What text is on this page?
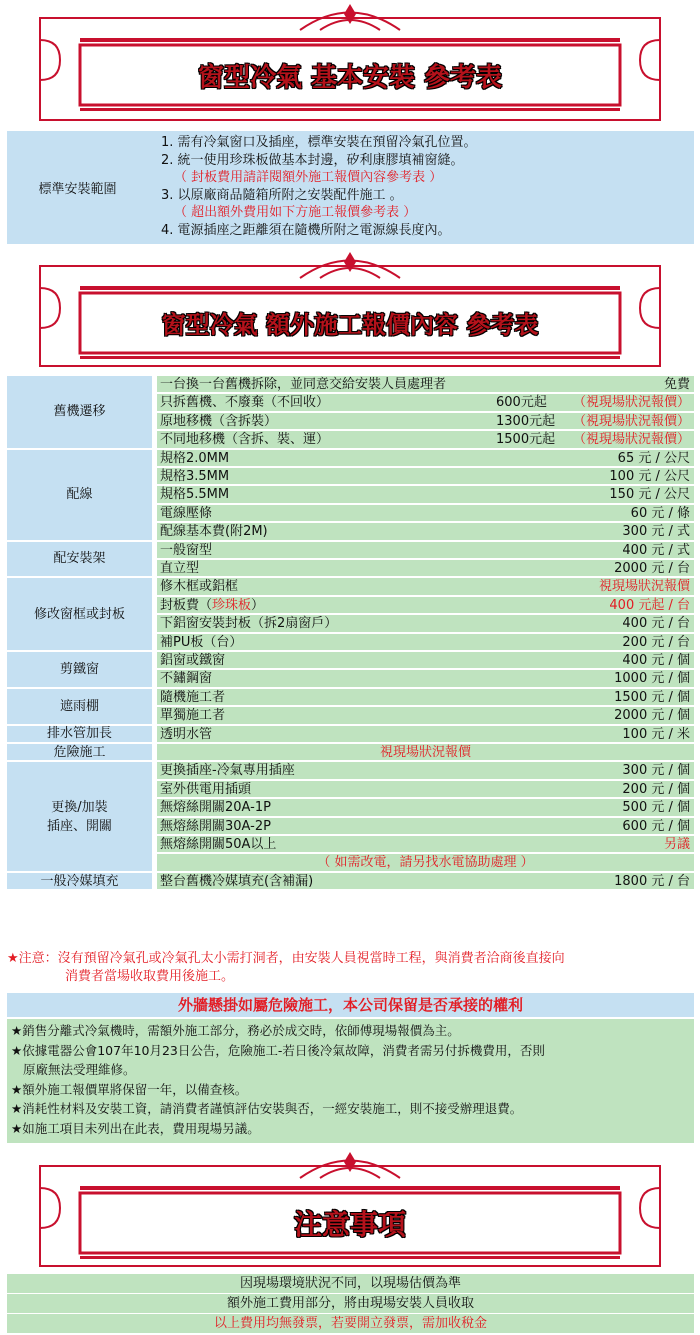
窗型冷氣 基本安裝 參考表
標準安裝範圍
1. 需有冷氣窗口及插座，標準安裝在預留冷氣孔位置。
2. 統一使用珍珠板做基本封邊，矽利康膠填補窗縫。
（ 封板費用請詳閱額外施工報價內容參考表 ）
3. 以原廠商品隨箱所附之安裝配件施工 。
（ 超出額外費用如下方施工報價參考表 ）
4. 電源插座之距離須在隨機所附之電源線長度內。
窗型冷氣 額外施工報價內容 參考表
舊機遷移
一台換一台舊機拆除，並同意交給安裝人員處理者	免費
只拆舊機、不廢棄（不回收）	600元起 （視現場狀況報價）
原地移機（含拆裝）	1300元起 （視現場狀況報價）
不同地移機（含拆、裝、運）	1500元起 （視現場狀況報價）
配線
規格2.0MM	65 元 / 公尺
規格3.5MM	100 元 / 公尺
規格5.5MM	150 元 / 公尺
電線壓條	60 元 / 條
配線基本費(附2M)	300 元 / 式
配安裝架
一般窗型	400 元 / 式
直立型	2000 元 / 台
修改窗框或封板
修木框或鋁框	視現場狀況報價
封板費（珍珠板）	400 元起 / 台
下鋁窗安裝封板（拆2扇窗戶）	400 元 / 台
補PU板（台）	200 元 / 台
剪鐵窗
鋁窗或鐵窗	400 元 / 個
不鏽鋼窗	1000 元 / 個
遮雨棚
隨機施工者	1500 元 / 個
單獨施工者	2000 元 / 個
排水管加長	透明水管	100 元 / 米
危險施工	視現場狀況報價
更換/加裝
插座、開關
更換插座-冷氣專用插座	300 元 / 個
室外供電用插頭	200 元 / 個
無熔絲開關20A-1P	500 元 / 個
無熔絲開關30A-2P	600 元 / 個
無熔絲開關50A以上	另議
（ 如需改電，請另找水電協助處理 ）
一般冷媒填充	整台舊機冷媒填充(含補漏)	1800 元 / 台
★注意：沒有預留冷氣孔或冷氣孔太小需打洞者，由安裝人員視當時工程，與消費者洽商後直接向
消費者當場收取費用後施工。
外牆懸掛如屬危險施工，本公司保留是否承接的權利
★銷售分離式冷氣機時，需額外施工部分，務必於成交時，依師傅現場報價為主。
★依據電器公會107年10月23日公告，危險施工-若日後冷氣故障，消費者需另付拆機費用，否則
原廠無法受理維修。
★額外施工報價單將保留一年，以備查核。
★消耗性材料及安裝工資，請消費者謹慎評估安裝與否，一經安裝施工，則不接受辦理退費。
★如施工項目未列出在此表，費用現場另議。
注意事項
因現場環境狀況不同，以現場估價為準
額外施工費用部分，將由現場安裝人員收取
以上費用均無發票，若要開立發票，需加收稅金
